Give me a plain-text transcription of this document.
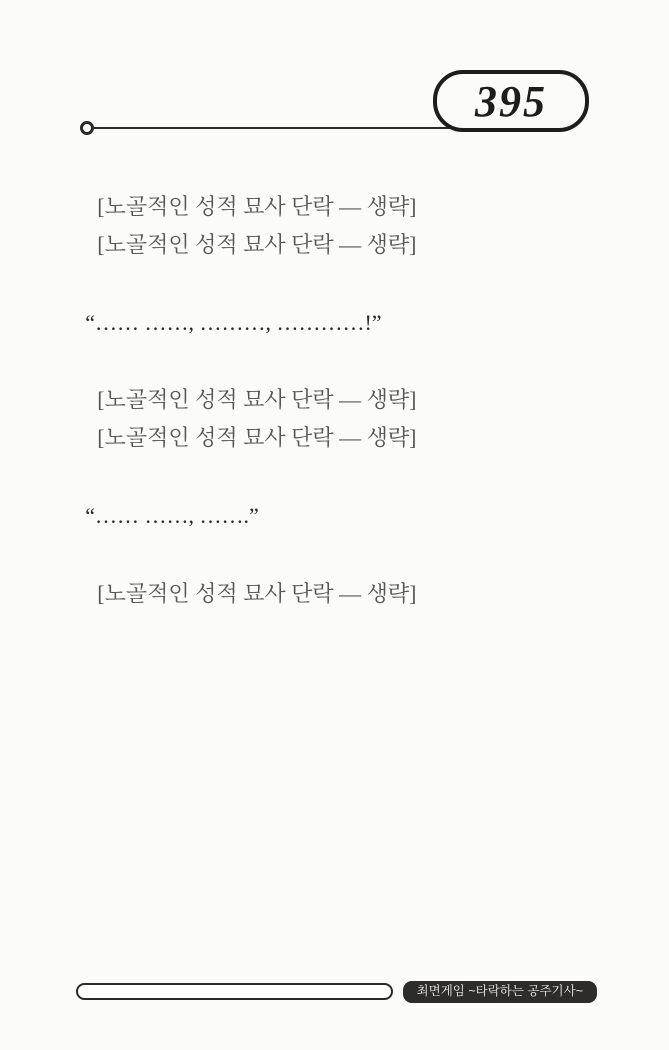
395

[노골적인 성적 묘사 단락 — 생략]

[노골적인 성적 묘사 단락 — 생략]

“…… ……, ………, …………!”

[노골적인 성적 묘사 단락 — 생략]

[노골적인 성적 묘사 단락 — 생략]

“…… ……, …….”

[노골적인 성적 묘사 단락 — 생략]

최면게임 ~타락하는 공주기사~
